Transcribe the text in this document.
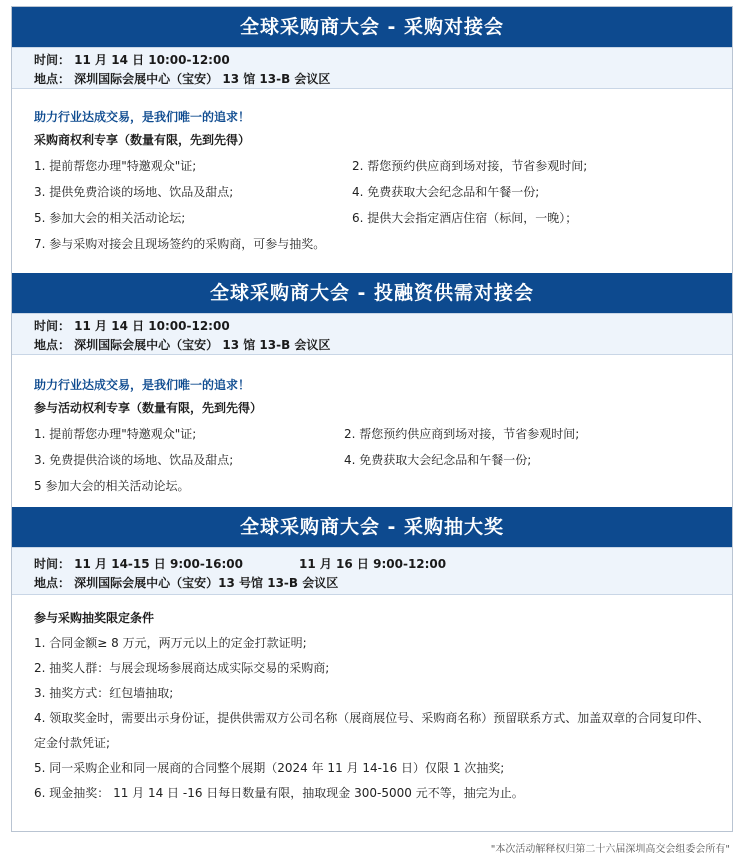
全球采购商大会 - 采购对接会
时间： 11 月 14 日 10:00-12:00
地点： 深圳国际会展中心（宝安） 13 馆 13-B 会议区
助力行业达成交易，是我们唯一的追求！
采购商权利专享（数量有限，先到先得）
1. 提前帮您办理"特邀观众"证;	2. 帮您预约供应商到场对接，节省参观时间;
3. 提供免费洽谈的场地、饮品及甜点;	4. 免费获取大会纪念品和午餐一份;
5. 参加大会的相关活动论坛;	6. 提供大会指定酒店住宿（标间，一晚）；
7. 参与采购对接会且现场签约的采购商，可参与抽奖。
全球采购商大会 - 投融资供需对接会
时间： 11 月 14 日 10:00-12:00
地点： 深圳国际会展中心（宝安） 13 馆 13-B 会议区
助力行业达成交易，是我们唯一的追求！
参与活动权利专享（数量有限，先到先得）
1. 提前帮您办理"特邀观众"证;	2. 帮您预约供应商到场对接，节省参观时间;
3. 免费提供洽谈的场地、饮品及甜点;	4. 免费获取大会纪念品和午餐一份;
5 参加大会的相关活动论坛。
全球采购商大会 - 采购抽大奖
时间： 11 月 14-15 日 9:00-16:00	11 月 16 日 9:00-12:00
地点： 深圳国际会展中心（宝安）13 号馆 13-B 会议区
参与采购抽奖限定条件
1. 合同金额≥ 8 万元，两万元以上的定金打款证明;
2. 抽奖人群：与展会现场参展商达成实际交易的采购商;
3. 抽奖方式：红包墙抽取;
4. 领取奖金时，需要出示身份证，提供供需双方公司名称（展商展位号、采购商名称）预留联系方式、加盖双章的合同复印件、
定金付款凭证;
5. 同一采购企业和同一展商的合同整个展期（2024 年 11 月 14-16 日）仅限 1 次抽奖;
6. 现金抽奖： 11 月 14 日 -16 日每日数量有限，抽取现金 300-5000 元不等，抽完为止。
"本次活动解释权归第二十六届深圳高交会组委会所有"
